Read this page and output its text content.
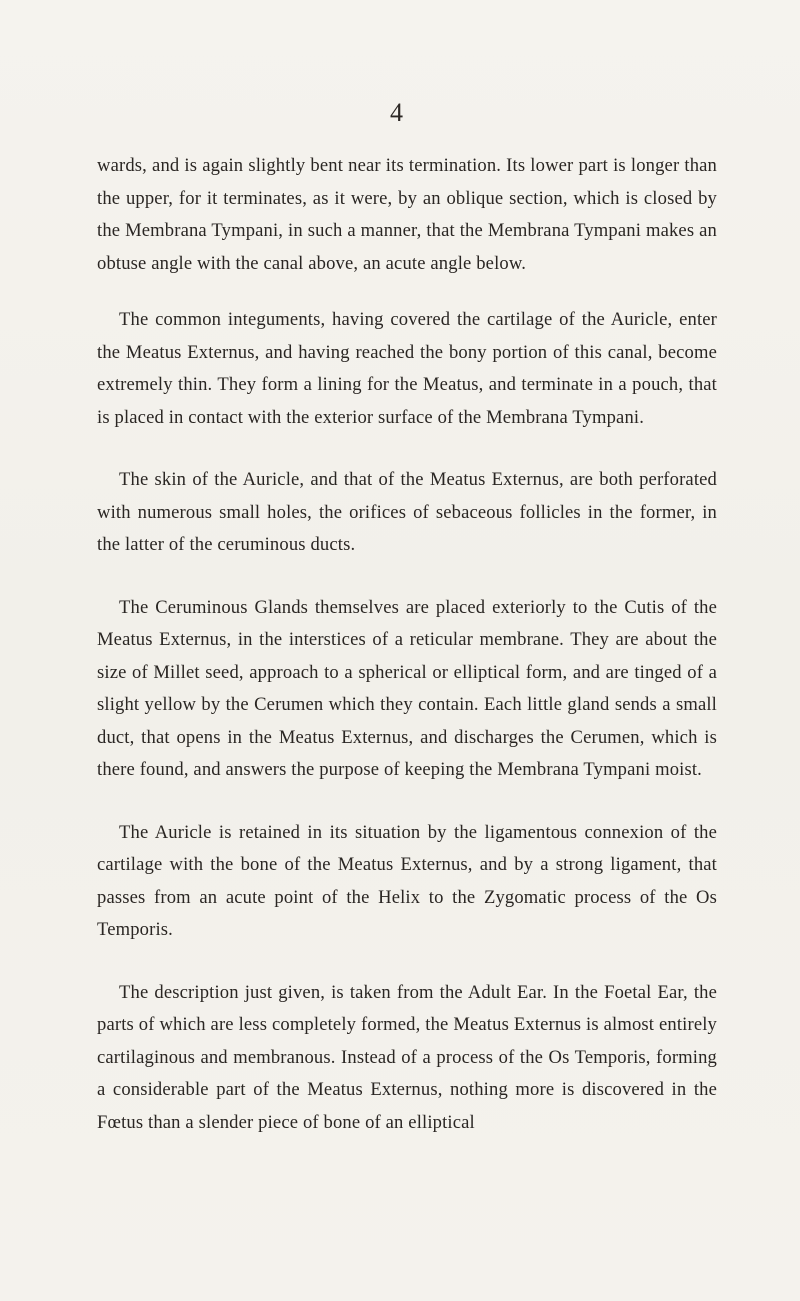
4

wards, and is again slightly bent near its termination. Its lower part is longer than the upper, for it terminates, as it were, by an oblique section, which is closed by the Membrana Tympani, in such a manner, that the Membrana Tympani makes an obtuse angle with the canal above, an acute angle below.

The common integuments, having covered the cartilage of the Auricle, enter the Meatus Externus, and having reached the bony portion of this canal, become extremely thin. They form a lining for the Meatus, and terminate in a pouch, that is placed in contact with the exterior surface of the Membrana Tympani.

The skin of the Auricle, and that of the Meatus Externus, are both perforated with numerous small holes, the orifices of sebaceous follicles in the former, in the latter of the ceruminous ducts.

The Ceruminous Glands themselves are placed exteriorly to the Cutis of the Meatus Externus, in the interstices of a reticular membrane. They are about the size of Millet seed, approach to a spherical or elliptical form, and are tinged of a slight yellow by the Cerumen which they contain. Each little gland sends a small duct, that opens in the Meatus Externus, and discharges the Cerumen, which is there found, and answers the purpose of keeping the Membrana Tympani moist.

The Auricle is retained in its situation by the ligamentous connexion of the cartilage with the bone of the Meatus Externus, and by a strong ligament, that passes from an acute point of the Helix to the Zygomatic process of the Os Temporis.

The description just given, is taken from the Adult Ear. In the Foetal Ear, the parts of which are less completely formed, the Meatus Externus is almost entirely cartilaginous and membranous. Instead of a process of the Os Temporis, forming a considerable part of the Meatus Externus, nothing more is discovered in the Fœtus than a slender piece of bone of an elliptical
